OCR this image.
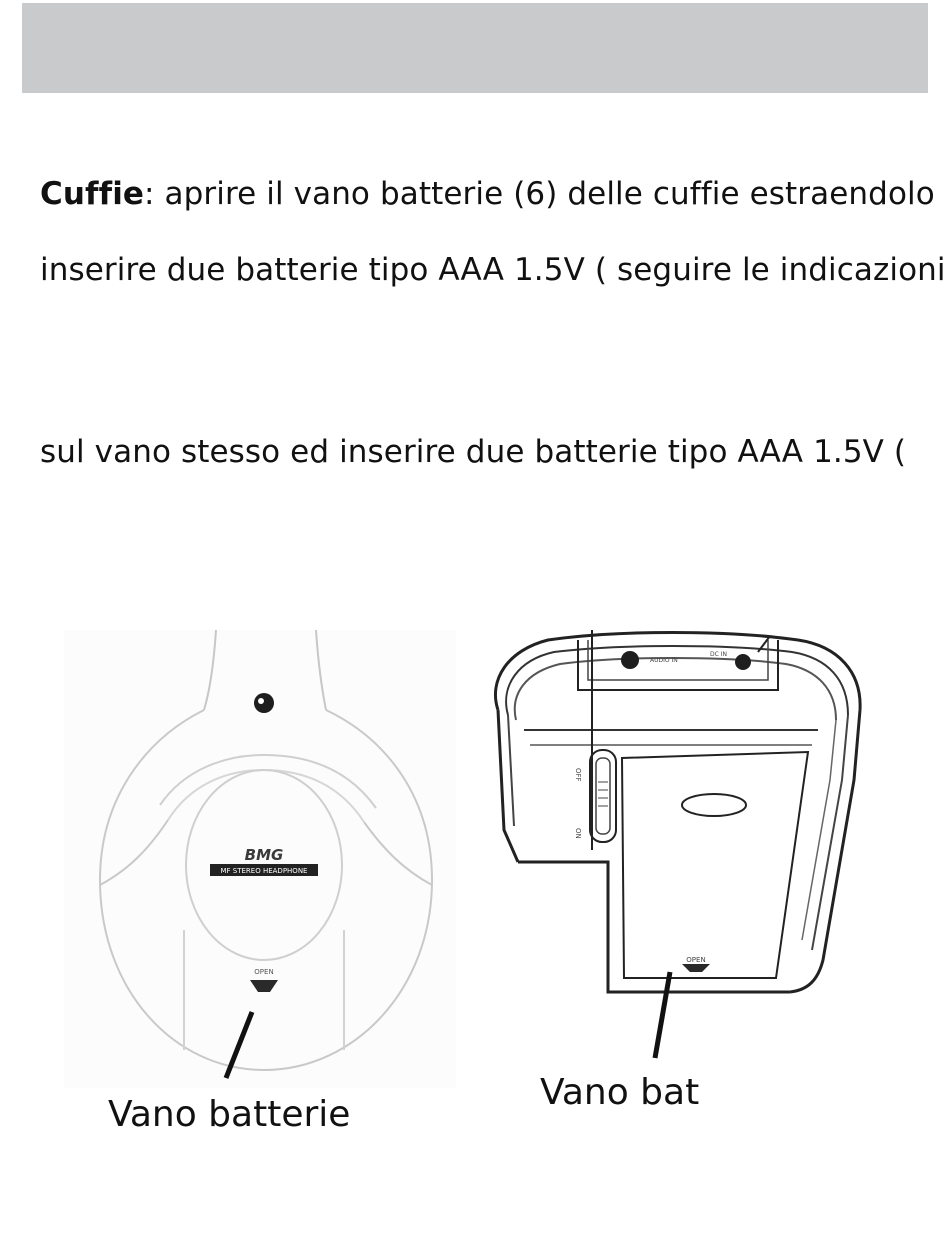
Cuffie: aprire il vano batterie (6) delle cuffie estraendolo
inserire due batterie tipo AAA 1.5V ( seguire le indicazioni
sul vano stesso ed inserire due batterie tipo AAA 1.5V (
BMG
MF STEREO HEADPHONE
OPEN
Vano batterie
AUDIO IN
DC IN
OFF
ON
OPEN
Vano bat
